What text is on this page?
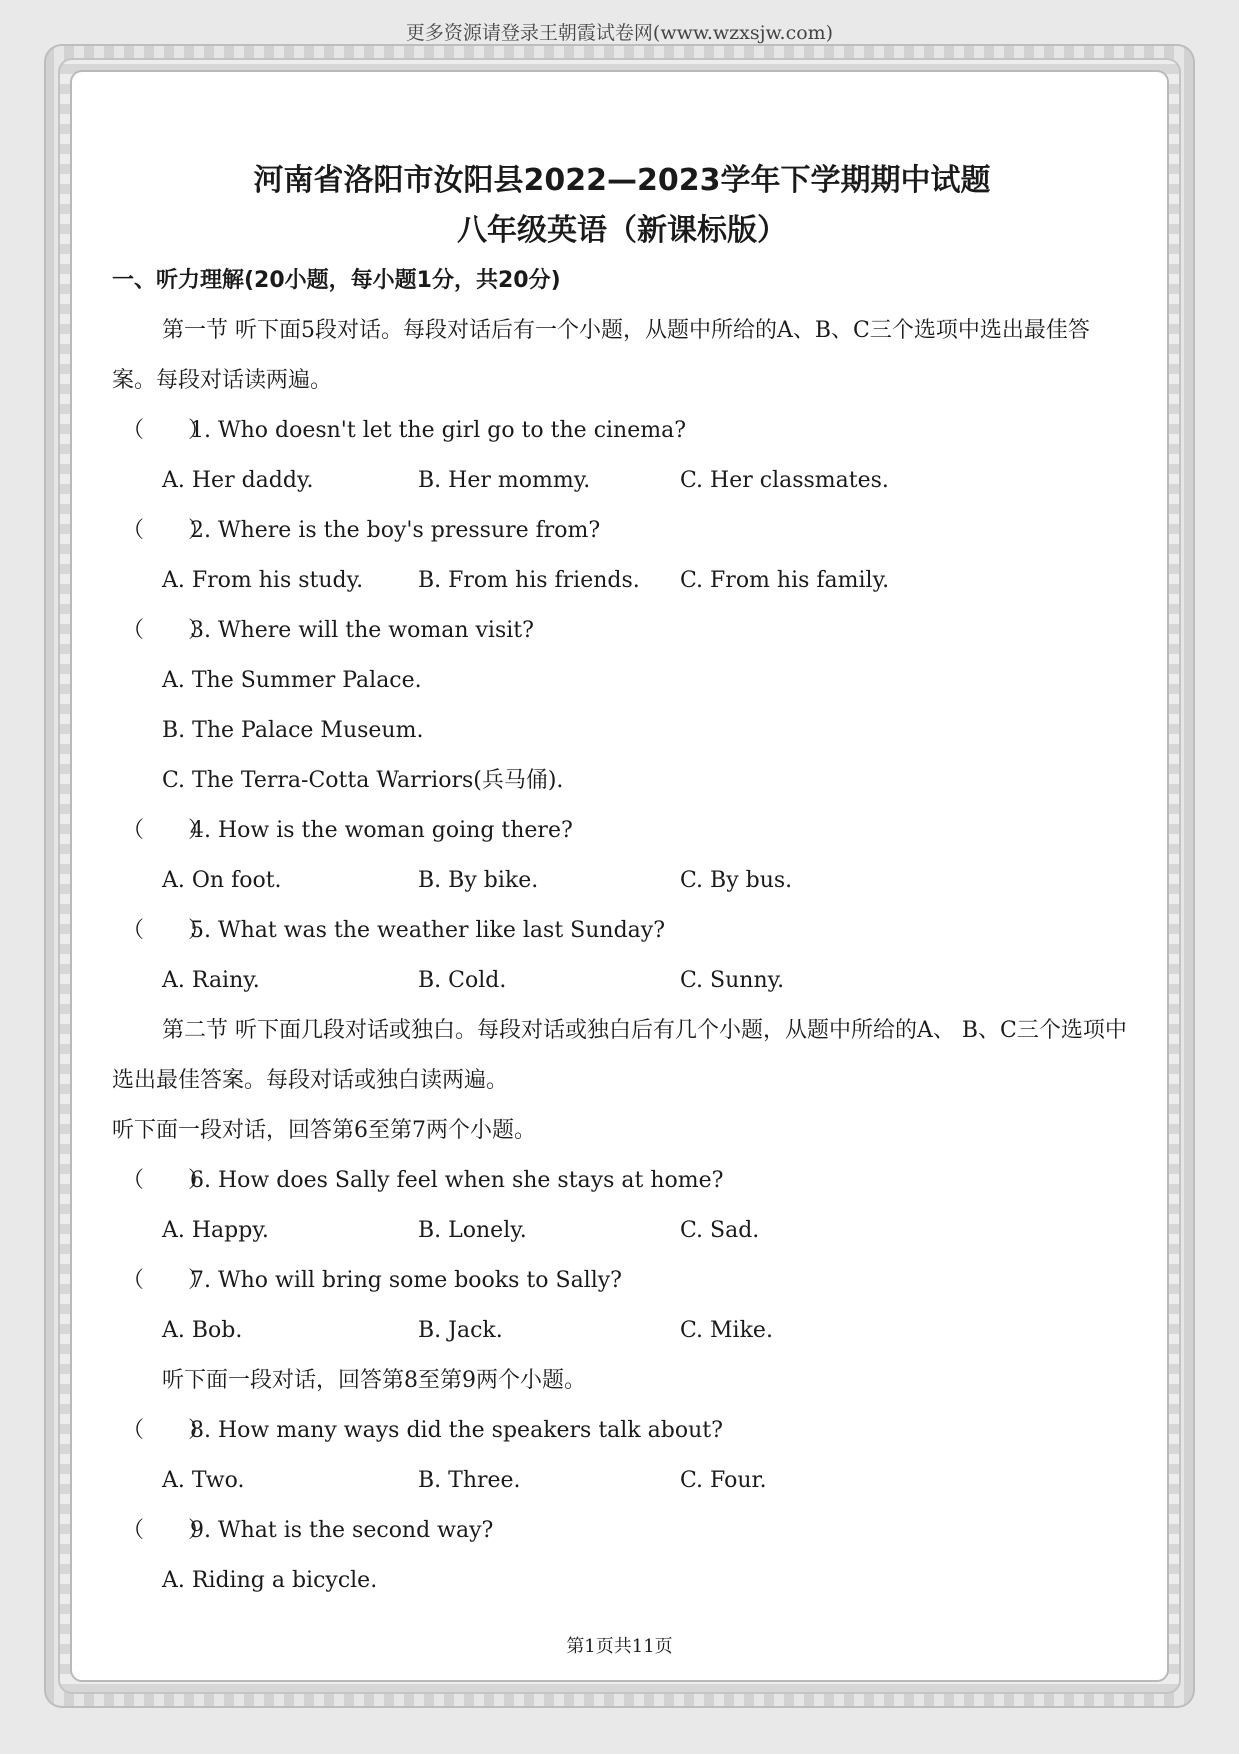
更多资源请登录王朝霞试卷网(www.wzxsjw.com)
河南省洛阳市汝阳县2022—2023学年下学期期中试题
八年级英语（新课标版）
一、听力理解(20小题，每小题1分，共20分)
第一节 听下面5段对话。每段对话后有一个小题，从题中所给的A、B、C三个选项中选出最佳答案。每段对话读两遍。
（　　）1. Who doesn't let the girl go to the cinema?
A. Her daddy.	B. Her mommy.	C. Her classmates.
（　　）2. Where is the boy's pressure from?
A. From his study.	B. From his friends.	C. From his family.
（　　）3. Where will the woman visit?
A. The Summer Palace.
B. The Palace Museum.
C. The Terra-Cotta Warriors(兵马俑).
（　　）4. How is the woman going there?
A. On foot.	B. By bike.	C. By bus.
（　　）5. What was the weather like last Sunday?
A. Rainy.	B. Cold.	C. Sunny.
第二节 听下面几段对话或独白。每段对话或独白后有几个小题，从题中所给的A、 B、C三个选项中选出最佳答案。每段对话或独白读两遍。
听下面一段对话，回答第6至第7两个小题。
（　　）6. How does Sally feel when she stays at home?
A. Happy.	B. Lonely.	C. Sad.
（　　）7. Who will bring some books to Sally?
A. Bob.	B. Jack.	C. Mike.
听下面一段对话，回答第8至第9两个小题。
（　　）8. How many ways did the speakers talk about?
A. Two.	B. Three.	C. Four.
（　　）9. What is the second way?
A. Riding a bicycle.
第1页共11页
